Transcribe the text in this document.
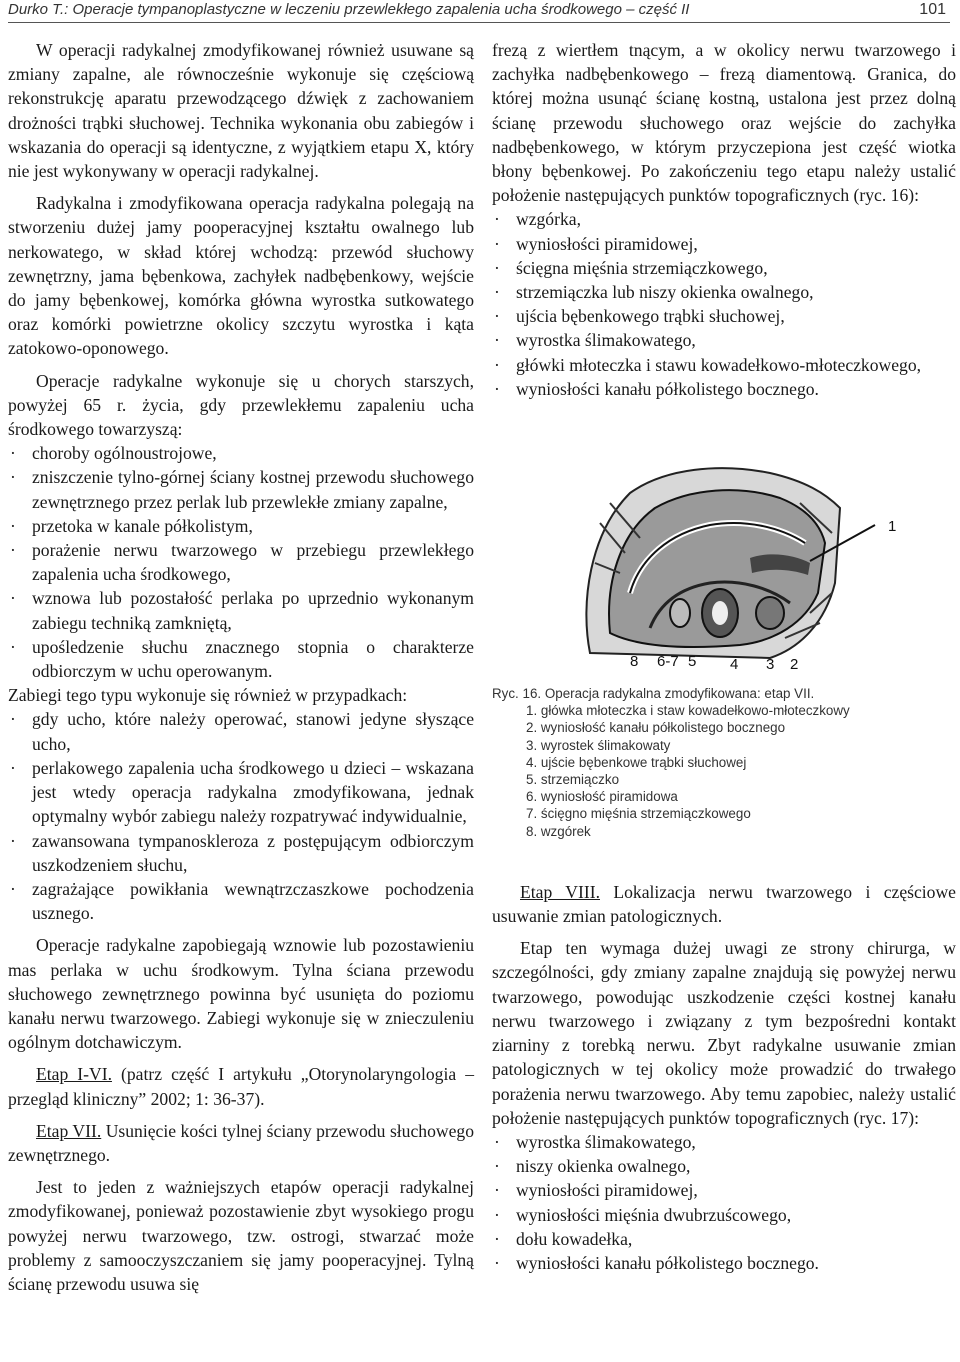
Durko T.: Operacje tympanoplastyczne w leczeniu przewlekłego zapalenia ucha środkowego – część II	101

W operacji radykalnej zmodyfikowanej również usuwane są zmiany zapalne, ale równocześnie wykonuje się częściową rekonstrukcję aparatu przewodzącego dźwięk z zachowaniem drożności trąbki słuchowej. Technika wykonania obu zabiegów i wskazania do operacji są identyczne, z wyjątkiem etapu X, który nie jest wykonywany w operacji radykalnej.

Radykalna i zmodyfikowana operacja radykalna polegają na stworzeniu dużej jamy pooperacyjnej kształtu owalnego lub nerkowatego, w skład której wchodzą: przewód słuchowy zewnętrzny, jama bębenkowa, zachyłek nadbębenkowy, wejście do jamy bębenkowej, komórka główna wyrostka sutkowatego oraz komórki powietrzne okolicy szczytu wyrostka i kąta zatokowo-oponowego.

Operacje radykalne wykonuje się u chorych starszych, powyżej 65 r. życia, gdy przewlekłemu zapaleniu ucha środkowego towarzyszą:

· choroby ogólnoustrojowe,
· zniszczenie tylno-górnej ściany kostnej przewodu słuchowego zewnętrznego przez perlak lub przewlekłe zmiany zapalne,
· przetoka w kanale półkolistym,
· porażenie nerwu twarzowego w przebiegu przewlekłego zapalenia ucha środkowego,
· wznowa lub pozostałość perlaka po uprzednio wykonanym zabiegu techniką zamkniętą,
· upośledzenie słuchu znacznego stopnia o charakterze odbiorczym w uchu operowanym.

Zabiegi tego typu wykonuje się również w przypadkach:

· gdy ucho, które należy operować, stanowi jedyne słyszące ucho,
· perlakowego zapalenia ucha środkowego u dzieci – wskazana jest wtedy operacja radykalna zmodyfikowana, jednak optymalny wybór zabiegu należy rozpatrywać indywidualnie,
· zawansowana tympanoskleroza z postępującym odbiorczym uszkodzeniem słuchu,
· zagrażające powikłania wewnątrzczaszkowe pochodzenia usznego.

Operacje radykalne zapobiegają wznowie lub pozostawieniu mas perlaka w uchu środkowym. Tylna ściana przewodu słuchowego zewnętrznego powinna być usunięta do poziomu kanału nerwu twarzowego. Zabiegi wykonuje się w znieczuleniu ogólnym dotchawiczym.

Etap I-VI. (patrz część I artykułu „Otorynolaryngologia – przegląd kliniczny” 2002; 1: 36-37).

Etap VII. Usunięcie kości tylnej ściany przewodu słuchowego zewnętrznego.

Jest to jeden z ważniejszych etapów operacji radykalnej zmodyfikowanej, ponieważ pozostawienie zbyt wysokiego progu powyżej nerwu twarzowego, tzw. ostrogi, stwarzać może problemy z samooczyszczaniem się jamy pooperacyjnej. Tylną ścianę przewodu usuwa się

frezą z wiertłem tnącym, a w okolicy nerwu twarzowego i zachyłka nadbębenkowego – frezą diamentową. Granica, do której można usunąć ścianę kostną, ustalona jest przez dolną ścianę przewodu słuchowego oraz wejście do zachyłka nadbębenkowego, w którym przyczepiona jest część wiotka błony bębenkowej. Po zakończeniu tego etapu należy ustalić położenie następujących punktów topograficznych (ryc. 16):

· wzgórka,
· wyniosłości piramidowej,
· ścięgna mięśnia strzemiączkowego,
· strzemiączka lub niszy okienka owalnego,
· ujścia bębenkowego trąbki słuchowej,
· wyrostka ślimakowatego,
· główki młoteczka i stawu kowadełkowo-młoteczkowego,
· wyniosłości kanału półkolistego bocznego.
1
8 6-7 5 4 3 2
Ryc. 16. Operacja radykalna zmodyfikowana: etap VII.
1. główka młoteczka i staw kowadełkowo-młoteczkowy
2. wyniosłość kanału półkolistego bocznego
3. wyrostek ślimakowaty
4. ujście bębenkowe trąbki słuchowej
5. strzemiączko
6. wyniosłość piramidowa
7. ścięgno mięśnia strzemiączkowego
8. wzgórek

Etap VIII. Lokalizacja nerwu twarzowego i częściowe usuwanie zmian patologicznych.

Etap ten wymaga dużej uwagi ze strony chirurga, w szczególności, gdy zmiany zapalne znajdują się powyżej nerwu twarzowego, powodując uszkodzenie części kostnej kanału nerwu twarzowego i związany z tym bezpośredni kontakt ziarniny z torebką nerwu. Zbyt radykalne usuwanie zmian patologicznych w tej okolicy może prowadzić do trwałego porażenia nerwu twarzowego. Aby temu zapobiec, należy ustalić położenie następujących punktów topograficznych (ryc. 17):

· wyrostka ślimakowatego,
· niszy okienka owalnego,
· wyniosłości piramidowej,
· wyniosłości mięśnia dwubrzuścowego,
· dołu kowadełka,
· wyniosłości kanału półkolistego bocznego.
